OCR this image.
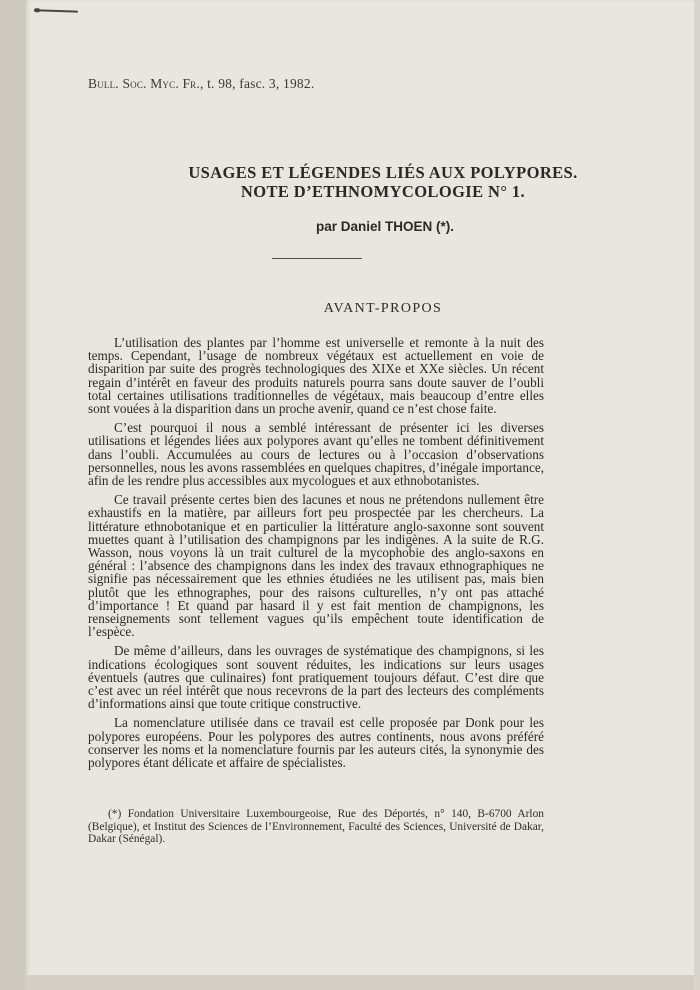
Bull. Soc. Myc. Fr., t. 98, fasc. 3, 1982.
USAGES ET LÉGENDES LIÉS AUX POLYPORES.
NOTE D’ETHNOMYCOLOGIE N° 1.
par Daniel THOEN (*).
AVANT-PROPOS

L’utilisation des plantes par l’homme est universelle et remonte à la nuit des temps. Cependant, l’usage de nombreux végétaux est actuellement en voie de disparition par suite des progrès technologiques des XIXe et XXe siècles. Un récent regain d’intérêt en faveur des produits naturels pourra sans doute sauver de l’oubli total certaines utilisations traditionnelles de végétaux, mais beaucoup d’entre elles sont vouées à la disparition dans un proche avenir, quand ce n’est chose faite.

C’est pourquoi il nous a semblé intéressant de présenter ici les diverses utilisations et légendes liées aux polypores avant qu’elles ne tombent définitivement dans l’oubli. Accumulées au cours de lectures ou à l’occasion d’observations personnelles, nous les avons rassemblées en quelques chapitres, d’inégale importance, afin de les rendre plus accessibles aux mycologues et aux ethnobotanistes.

Ce travail présente certes bien des lacunes et nous ne prétendons nullement être exhaustifs en la matière, par ailleurs fort peu prospectée par les chercheurs. La littérature ethnobotanique et en particulier la littérature anglo-saxonne sont souvent muettes quant à l’utilisation des champignons par les indigènes. A la suite de R.G. Wasson, nous voyons là un trait culturel de la mycophobie des anglo-saxons en général : l’absence des champignons dans les index des travaux ethnographiques ne signifie pas nécessairement que les ethnies étudiées ne les utilisent pas, mais bien plutôt que les ethnographes, pour des raisons culturelles, n’y ont pas attaché d’importance ! Et quand par hasard il y est fait mention de champignons, les renseignements sont tellement vagues qu’ils empêchent toute identification de l’espèce.

De même d’ailleurs, dans les ouvrages de systématique des champignons, si les indications écologiques sont souvent réduites, les indications sur leurs usages éventuels (autres que culinaires) font pratiquement toujours défaut. C’est dire que c’est avec un réel intérêt que nous recevrons de la part des lecteurs des compléments d’informations ainsi que toute critique constructive.

La nomenclature utilisée dans ce travail est celle proposée par Donk pour les polypores européens. Pour les polypores des autres continents, nous avons préféré conserver les noms et la nomenclature fournis par les auteurs cités, la synonymie des polypores étant délicate et affaire de spécialistes.

(*) Fondation Universitaire Luxembourgeoise, Rue des Déportés, n° 140, B-6700 Arlon (Belgique), et Institut des Sciences de l’Environnement, Faculté des Sciences, Université de Dakar, Dakar (Sénégal).
